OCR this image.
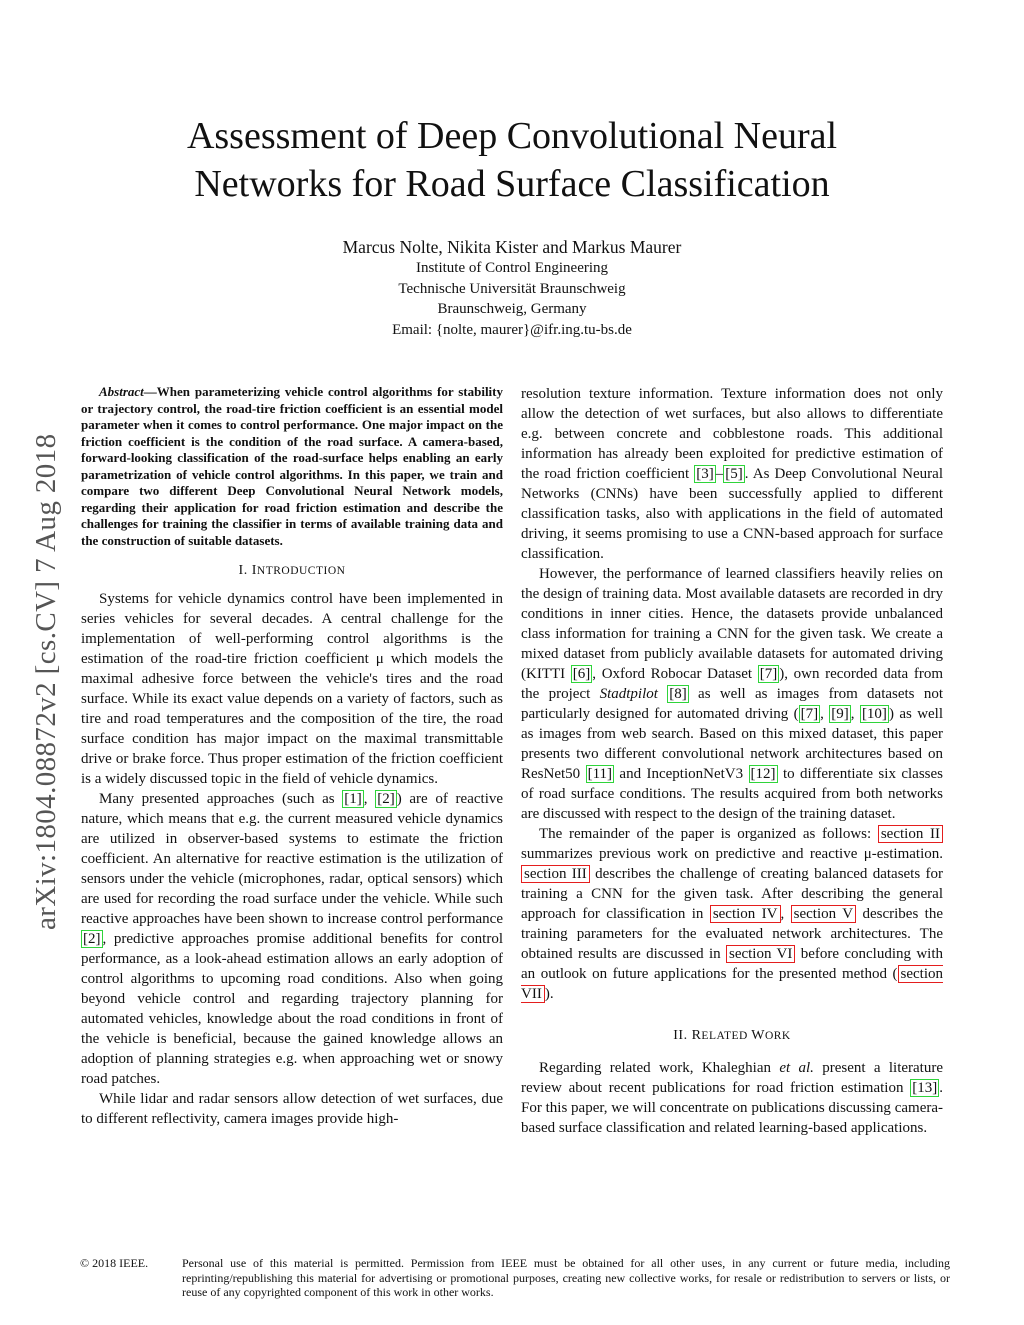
Assessment of Deep Convolutional Neural
Networks for Road Surface Classification

Marcus Nolte, Nikita Kister and Markus Maurer

Institute of Control Engineering
Technische Universität Braunschweig
Braunschweig, Germany
Email: {nolte, maurer}@ifr.ing.tu-bs.de
arXiv:1804.08872v2 [cs.CV] 7 Aug 2018

Abstract—When parameterizing vehicle control algorithms for stability or trajectory control, the road-tire friction coefficient is an essential model parameter when it comes to control performance. One major impact on the friction coefficient is the condition of the road surface. A camera-based, forward-looking classification of the road-surface helps enabling an early parametrization of vehicle control algorithms. In this paper, we train and compare two different Deep Convolutional Neural Network models, regarding their application for road friction estimation and describe the challenges for training the classifier in terms of available training data and the construction of suitable datasets.

I. INTRODUCTION

Systems for vehicle dynamics control have been implemented in series vehicles for several decades. A central challenge for the implementation of well-performing control algorithms is the estimation of the road-tire friction coefficient μ which models the maximal adhesive force between the vehicle's tires and the road surface. While its exact value depends on a variety of factors, such as tire and road temperatures and the composition of the tire, the road surface condition has major impact on the maximal transmittable drive or brake force. Thus proper estimation of the friction coefficient is a widely discussed topic in the field of vehicle dynamics.

Many presented approaches (such as [1] , [2] ) are of reactive nature, which means that e.g. the current measured vehicle dynamics are utilized in observer-based systems to estimate the friction coefficient. An alternative for reactive estimation is the utilization of sensors under the vehicle (microphones, radar, optical sensors) which are used for recording the road surface under the vehicle. While such reactive approaches have been shown to increase control performance [2] , predictive approaches promise additional benefits for control performance, as a look-ahead estimation allows an early adoption of control algorithms to upcoming road conditions. Also when going beyond vehicle control and regarding trajectory planning for automated vehicles, knowledge about the road conditions in front of the vehicle is beneficial, because the gained knowledge allows an adoption of planning strategies e.g. when approaching wet or snowy road patches.

While lidar and radar sensors allow detection of wet surfaces, due to different reflectivity, camera images provide high-

resolution texture information. Texture information does not only allow the detection of wet surfaces, but also allows to differentiate e.g. between concrete and cobblestone roads. This additional information has already been exploited for predictive estimation of the road friction coefficient [3] – [5] . As Deep Convolutional Neural Networks (CNNs) have been successfully applied to different classification tasks, also with applications in the field of automated driving, it seems promising to use a CNN-based approach for surface classification.

However, the performance of learned classifiers heavily relies on the design of training data. Most available datasets are recorded in dry conditions in inner cities. Hence, the datasets provide unbalanced class information for training a CNN for the given task. We create a mixed dataset from publicly available datasets for automated driving (KITTI [6] , Oxford Robocar Dataset [7] ), own recorded data from the project Stadtpilot [8] as well as images from datasets not particularly designed for automated driving ( [7] , [9] , [10] ) as well as images from web search. Based on this mixed dataset, this paper presents two different convolutional network architectures based on ResNet50 [11] and InceptionNetV3 [12] to differentiate six classes of road surface conditions. The results acquired from both networks are discussed with respect to the design of the training dataset.

The remainder of the paper is organized as follows: section II summarizes previous work on predictive and reactive μ-estimation. section III describes the challenge of creating balanced datasets for training a CNN for the given task. After describing the general approach for classification in section IV , section V describes the training parameters for the evaluated network architectures. The obtained results are discussed in section VI before concluding with an outlook on future applications for the presented method ( section VII ).

II. RELATED WORK

Regarding related work, Khaleghian et al. present a literature review about recent publications for road friction estimation [13] . For this paper, we will concentrate on publications discussing camera-based surface classification and related learning-based applications.

© 2018 IEEE.	Personal use of this material is permitted. Permission from IEEE must be obtained for all other uses, in any current or future media, including reprinting/republishing this material for advertising or promotional purposes, creating new collective works, for resale or redistribution to servers or lists, or reuse of any copyrighted component of this work in other works.
